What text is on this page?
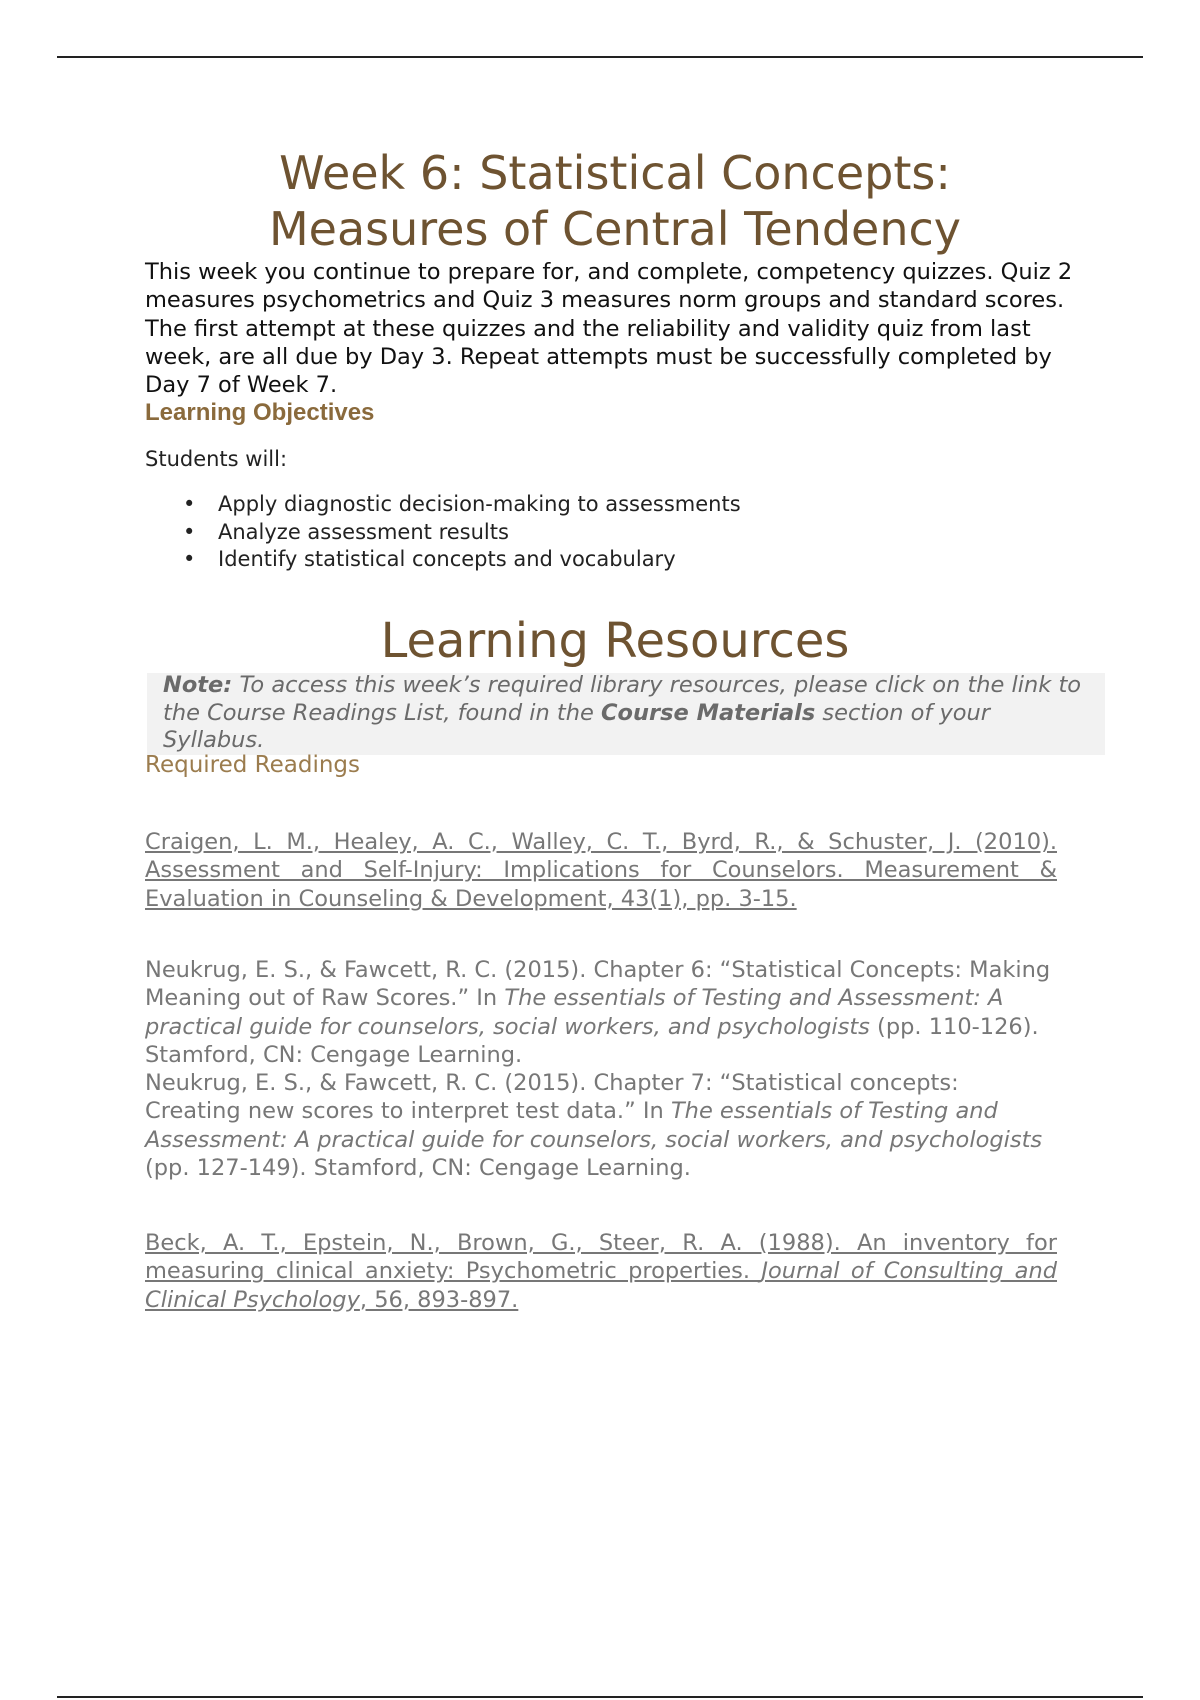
Week 6: Statistical Concepts:
Measures of Central Tendency

This week you continue to prepare for, and complete, competency quizzes. Quiz 2 measures psychometrics and Quiz 3 measures norm groups and standard scores. The first attempt at these quizzes and the reliability and validity quiz from last week, are all due by Day 3. Repeat attempts must be successfully completed by Day 7 of Week 7.

Learning Objectives

Students will:

• Apply diagnostic decision-making to assessments
• Analyze assessment results
• Identify statistical concepts and vocabulary
Learning Resources

Note: To access this week’s required library resources, please click on the link to the Course Readings List, found in the Course Materials section of your Syllabus.

Required Readings

Craigen, L. M., Healey, A. C., Walley, C. T., Byrd, R., & Schuster, J. (2010). Assessment and Self-Injury: Implications for Counselors. Measurement & Evaluation in Counseling & Development, 43(1), pp. 3-15.

Neukrug, E. S., & Fawcett, R. C. (2015). Chapter 6: “Statistical Concepts: Making Meaning out of Raw Scores.” In The essentials of Testing and Assessment: A practical guide for counselors, social workers, and psychologists (pp. 110-126). Stamford, CN: Cengage Learning.

Neukrug, E. S., & Fawcett, R. C. (2015). Chapter 7: “Statistical concepts: Creating new scores to interpret test data.” In The essentials of Testing and Assessment: A practical guide for counselors, social workers, and psychologists (pp. 127-149). Stamford, CN: Cengage Learning.

Beck, A. T., Epstein, N., Brown, G., Steer, R. A. (1988). An inventory for measuring clinical anxiety: Psychometric properties. Journal of Consulting and Clinical Psychology, 56, 893-897.
